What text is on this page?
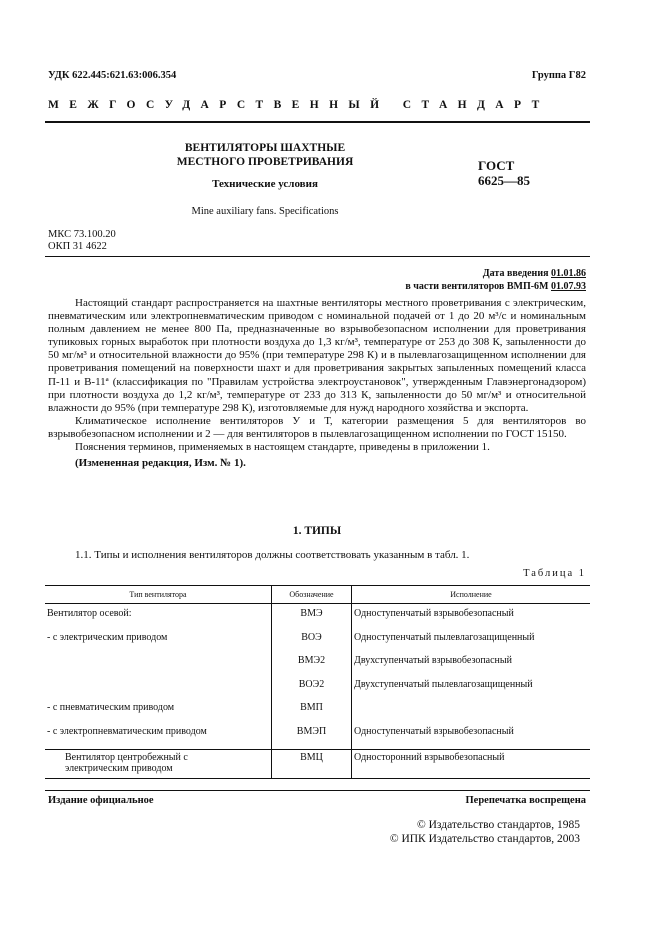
УДК 622.445:621.63:006.354	Группа Г82
МЕЖГОСУДАРСТВЕННЫЙ СТАНДАРТ
ВЕНТИЛЯТОРЫ ШАХТНЫЕ
МЕСТНОГО ПРОВЕТРИВАНИЯ
Технические условия
Mine auxiliary fans. Specifications
ГОСТ
6625—85
МКС 73.100.20
ОКП 31 4622
Дата введения 01.01.86
в части вентиляторов ВМП-6М 01.07.93

Настоящий стандарт распространяется на шахтные вентиляторы местного проветривания с электрическим, пневматическим или электропневматическим приводом с номинальной подачей от 1 до 20 м³/с и номинальным полным давлением не менее 800 Па, предназначенные во взрывобезопасном исполнении для проветривания тупиковых горных выработок при плотности воздуха до 1,3 кг/м³, температуре от 253 до 308 К, запыленности до 50 мг/м³ и относительной влажности до 95% (при температуре 298 К) и в пылевлагозащищенном исполнении для проветривания помещений на поверхности шахт и для проветривания закрытых запыленных помещений класса П-11 и В-11ª (классификация по "Правилам устройства электроустановок", утвержденным Главэнергонадзором) при плотности воздуха до 1,2 кг/м³, температуре от 233 до 313 К, запыленности до 50 мг/м³ и относительной влажности до 95% (при температуре 298 К), изготовляемые для нужд народного хозяйства и экспорта.

Климатическое исполнение вентиляторов У и Т, категории размещения 5 для вентиляторов во взрывобезопасном исполнении и 2 — для вентиляторов в пылевлагозащищенном исполнении по ГОСТ 15150.

Пояснения терминов, применяемых в настоящем стандарте, приведены в приложении 1.

(Измененная редакция, Изм. № 1).

1. ТИПЫ

1.1. Типы и исполнения вентиляторов должны соответствовать указанным в табл. 1.

Таблица 1
Тип вентилятора	Обозначение	Исполнение
Вентилятор осевой:	ВМЭ	Одноступенчатый взрывобезопасный
- с электрическим приводом	ВОЭ	Одноступенчатый пылевлагозащищенный
	ВМЭ2	Двухступенчатый взрывобезопасный
	ВОЭ2	Двухступенчатый пылевлагозащищенный
- с пневматическим приводом	ВМП	
- с электропневматическим приводом	ВМЭП	Одноступенчатый взрывобезопасный
Вентилятор центробежный с электрическим приводом	ВМЦ	Односторонний взрывобезопасный
Издание официальное	Перепечатка воспрещена
© Издательство стандартов, 1985
© ИПК Издательство стандартов, 2003
